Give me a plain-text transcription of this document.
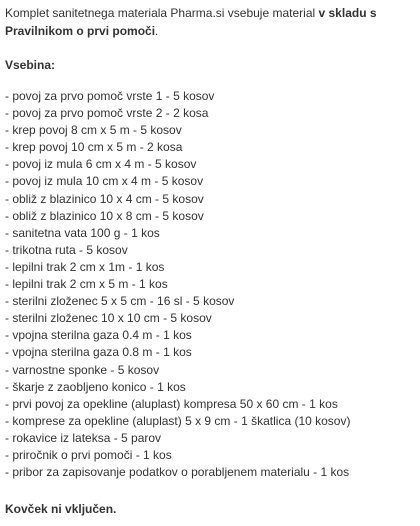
Komplet sanitetnega materiala Pharma.si vsebuje material v skladu s
Pravilnikom o prvi pomoči.

Vsebina:

- povoj za prvo pomoč vrste 1 - 5 kosov
- povoj za prvo pomoč vrste 2 - 2 kosa
- krep povoj 8 cm x 5 m - 5 kosov
- krep povoj 10 cm x 5 m - 2 kosa
- povoj iz mula 6 cm x 4 m - 5 kosov
- povoj iz mula 10 cm x 4 m - 5 kosov
- obliž z blazinico 10 x 4 cm - 5 kosov
- obliž z blazinico 10 x 8 cm - 5 kosov
- sanitetna vata 100 g - 1 kos
- trikotna ruta - 5 kosov
- lepilni trak 2 cm x 1m - 1 kos
- lepilni trak 2 cm x 5 m - 1 kos
- sterilni zloženec 5 x 5 cm - 16 sl - 5 kosov
- sterilni zloženec 10 x 10 cm - 5 kosov
- vpojna sterilna gaza 0.4 m - 1 kos
- vpojna sterilna gaza 0.8 m - 1 kos
- varnostne sponke - 5 kosov
- škarje z zaobljeno konico - 1 kos
- prvi povoj za opekline (aluplast) kompresa 50 x 60 cm - 1 kos
- komprese za opekline (aluplast) 5 x 9 cm - 1 škatlica (10 kosov)
- rokavice iz lateksa - 5 parov
- priročnik o prvi pomoči - 1 kos
- pribor za zapisovanje podatkov o porabljenem materialu - 1 kos

Kovček ni vključen.
